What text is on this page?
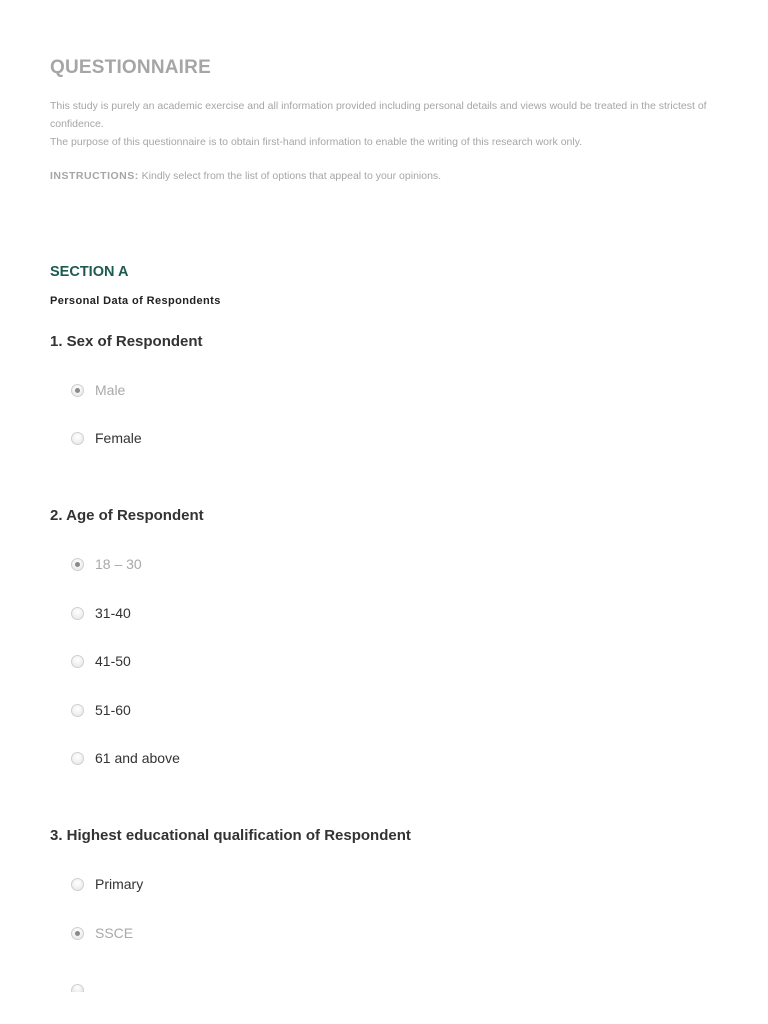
QUESTIONNAIRE

This study is purely an academic exercise and all information provided including personal details and views would be treated in the strictest of confidence.

The purpose of this questionnaire is to obtain first-hand information to enable the writing of this research work only.

INSTRUCTIONS: Kindly select from the list of options that appeal to your opinions.
SECTION A
Personal Data of Respondents
1. Sex of Respondent
Male
Female
2. Age of Respondent
18 – 30
31-40
41-50
51-60
61 and above
3. Highest educational qualification of Respondent
Primary
SSCE
